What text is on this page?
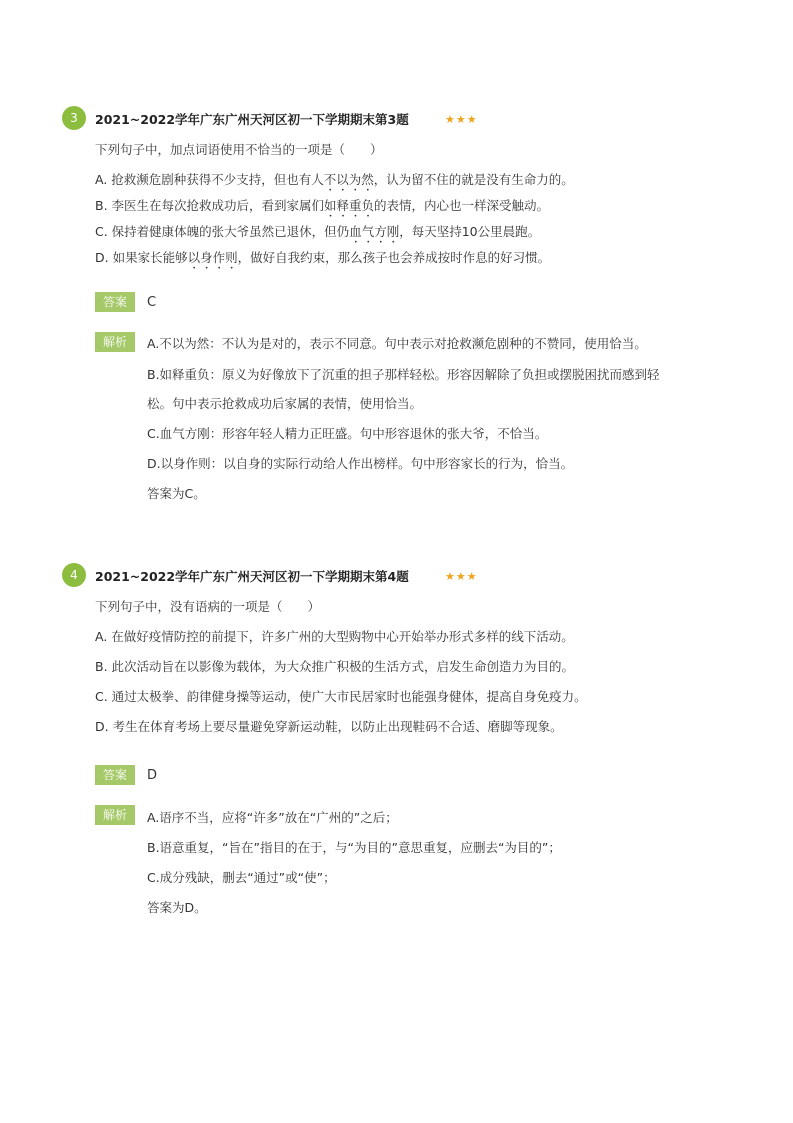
3	2021~2022学年广东广州天河区初一下学期期末第3题	★★★
下列句子中，加点词语使用不恰当的一项是（　　）
A. 抢救濒危剧种获得不少支持，但也有人不以为然，认为留不住的就是没有生命力的。
B. 李医生在每次抢救成功后，看到家属们如释重负的表情，内心也一样深受触动。
C. 保持着健康体魄的张大爷虽然已退休，但仍血气方刚，每天坚持10公里晨跑。
D. 如果家长能够以身作则，做好自我约束，那么孩子也会养成按时作息的好习惯。
答案	C
解析	A.不以为然：不认为是对的，表示不同意。句中表示对抢救濒危剧种的不赞同，使用恰当。
B.如释重负：原义为好像放下了沉重的担子那样轻松。形容因解除了负担或摆脱困扰而感到轻
松。句中表示抢救成功后家属的表情，使用恰当。
C.血气方刚：形容年轻人精力正旺盛。句中形容退休的张大爷，不恰当。
D.以身作则：以自身的实际行动给人作出榜样。句中形容家长的行为，恰当。
答案为C。
4	2021~2022学年广东广州天河区初一下学期期末第4题	★★★
下列句子中，没有语病的一项是（　　）
A. 在做好疫情防控的前提下，许多广州的大型购物中心开始举办形式多样的线下活动。
B. 此次活动旨在以影像为载体，为大众推广积极的生活方式，启发生命创造力为目的。
C. 通过太极拳、韵律健身操等运动，使广大市民居家时也能强身健体，提高自身免疫力。
D. 考生在体育考场上要尽量避免穿新运动鞋，以防止出现鞋码不合适、磨脚等现象。
答案	D
解析	A.语序不当，应将“许多”放在“广州的”之后；
B.语意重复，“旨在”指目的在于，与“为目的”意思重复，应删去“为目的”；
C.成分残缺，删去“通过”或“使”；
答案为D。
